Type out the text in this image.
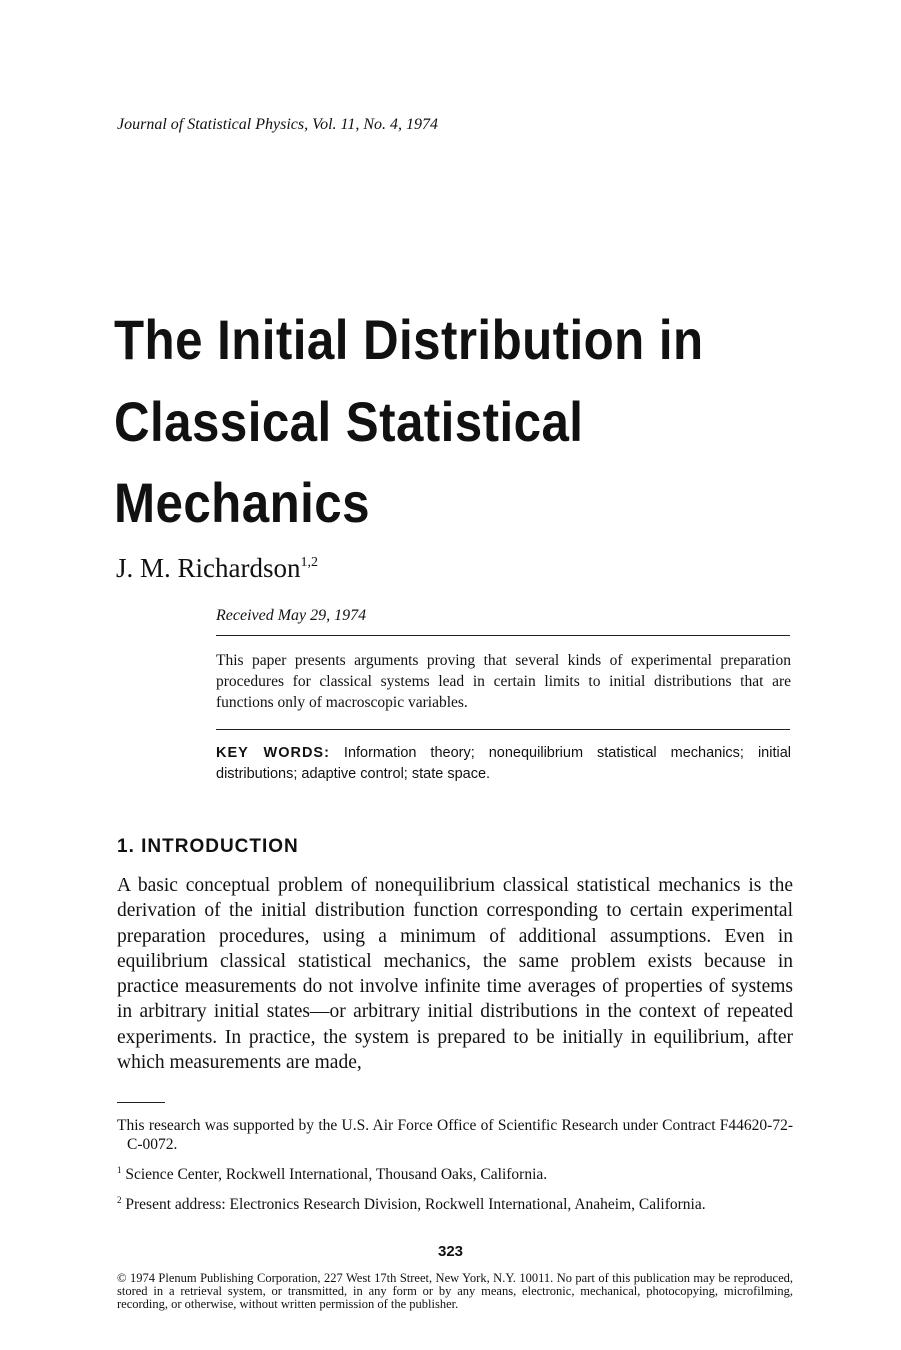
Journal of Statistical Physics, Vol. 11, No. 4, 1974
The Initial Distribution in
Classical Statistical
Mechanics
J. M. Richardson$^{1,2}$
Received May 29, 1974
This paper presents arguments proving that several kinds of experimental preparation procedures for classical systems lead in certain limits to initial distributions that are functions only of macroscopic variables.
KEY WORDS: Information theory; nonequilibrium statistical mechanics; initial distributions; adaptive control; state space.
1. INTRODUCTION
A basic conceptual problem of nonequilibrium classical statistical mechanics is the derivation of the initial distribution function corresponding to certain experimental preparation procedures, using a minimum of additional assumptions. Even in equilibrium classical statistical mechanics, the same problem exists because in practice measurements do not involve infinite time averages of properties of systems in arbitrary initial states—or arbitrary initial distributions in the context of repeated experiments. In practice, the system is prepared to be initially in equilibrium, after which measurements are made,

This research was supported by the U.S. Air Force Office of Scientific Research under Contract F44620-72-C-0072.

$^1$ Science Center, Rockwell International, Thousand Oaks, California.

$^2$ Present address: Electronics Research Division, Rockwell International, Anaheim, California.

323
© 1974 Plenum Publishing Corporation, 227 West 17th Street, New York, N.Y. 10011. No part of this publication may be reproduced, stored in a retrieval system, or transmitted, in any form or by any means, electronic, mechanical, photocopying, microfilming, recording, or otherwise, without written permission of the publisher.
